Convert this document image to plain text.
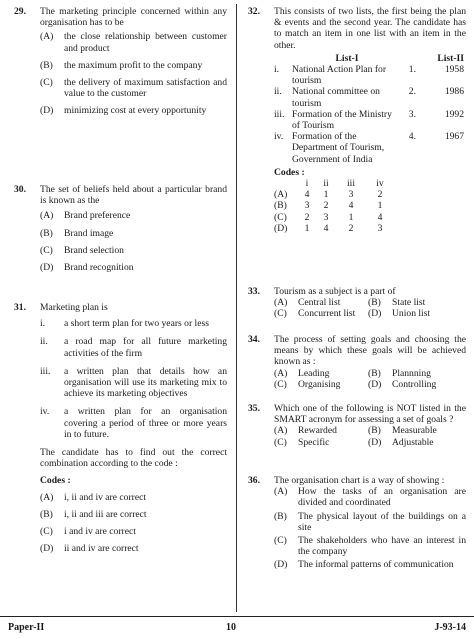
29.	The marketing principle concerned within any organisation has to be
(A)	the close relationship between customer and product
(B)	the maximum profit to the company
(C)	the delivery of maximum satisfaction and value to the customer
(D)	minimizing cost at every opportunity
30.	The set of beliefs held about a particular brand is known as the
(A)	Brand preference
(B)	Brand image
(C)	Brand selection
(D)	Brand recognition
31.	Marketing plan is
i.	a short term plan for two years or less
ii.	a road map for all future marketing activities of the firm
iii.	a written plan that details how an organisation will use its marketing mix to achieve its marketing objectives
iv.	a written plan for an organisation covering a period of three or more years in to future.
The candidate has to find out the correct combination according to the code :
Codes :
(A)	i, ii and iv are correct
(B)	i, ii and iii are correct
(C)	i and iv are correct
(D)	ii and iv are correct
32.	This consists of two lists, the first being the plan & events and the second year. The candidate has to match an item in one list with an item in the other.
	List-I		List-II
i.	National Action Plan for tourism	1.	1958
ii.	National committee on tourism	2.	1986
iii.	Formation of the Ministry of Tourism	3.	1992
iv.	Formation of the Department of Tourism, Government of India	4.	1967
Codes :
	i	ii	iii	iv
(A)	4	1	3	2
(B)	3	2	4	1
(C)	2	3	1	4
(D)	1	4	2	3
33.	Tourism as a subject is a part of
(A)	Central list	(B)	State list
(C)	Concurrent list	(D)	Union list
34.	The process of setting goals and choosing the means by which these goals will be achieved known as :
(A)	Leading	(B)	Plannning
(C)	Organising	(D)	Controlling
35.	Which one of the following is NOT listed in the SMART acronym for assessing a set of goals ?
(A)	Rewarded	(B)	Measurable
(C)	Specific	(D)	Adjustable
36.	The organisation chart is a way of showing :
(A)	How the tasks of an organisation are divided and coordinated
(B)	The physical layout of the buildings on a site
(C)	The shakeholders who have an interest in the company
(D)	The informal patterns of communication
Paper-II	10	J-93-14
